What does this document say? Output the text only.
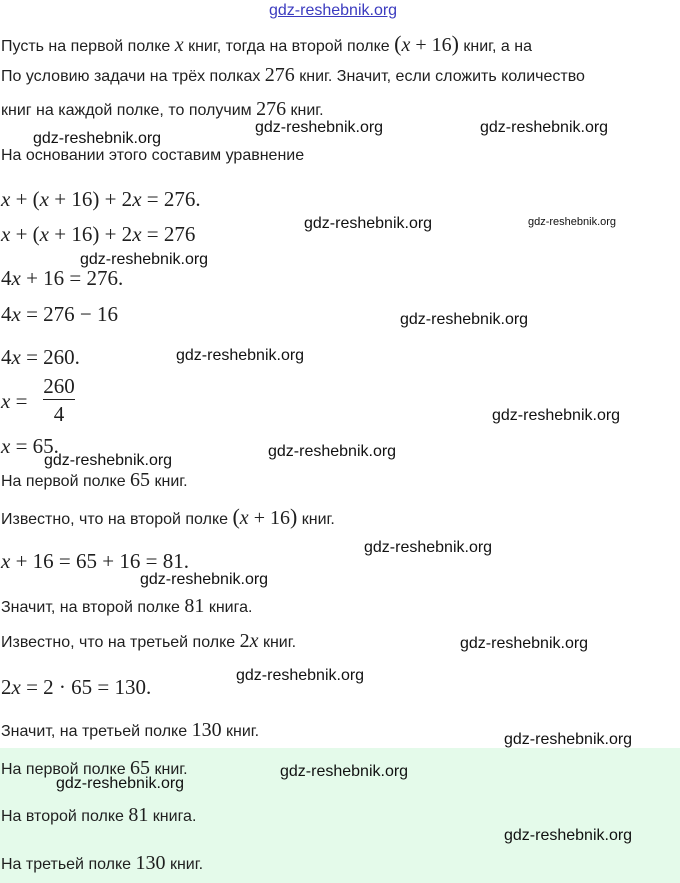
gdz-reshebnik.org
Пусть на первой полке x книг, тогда на второй полке (x + 16) книг, а на
По условию задачи на трёх полках 276 книг. Значит, если сложить количество
книг на каждой полке, то получим 276 книг.
На основании этого составим уравнение
x + (x + 16) + 2x = 276.
x + (x + 16) + 2x = 276
4x + 16 = 276.
4x = 276 − 16
4x = 260.
x =
260
4
x = 65.
На первой полке 65 книг.
Известно, что на второй полке (x + 16) книг.
x + 16 = 65 + 16 = 81.
Значит, на второй полке 81 книга.
Известно, что на третьей полке 2x книг.
2x = 2 · 65 = 130.
Значит, на третьей полке 130 книг.
На первой полке 65 книг.
На второй полке 81 книга.
На третьей полке 130 книг.
gdz-reshebnik.org
gdz-reshebnik.org	gdz-reshebnik.org
gdz-reshebnik.org	gdz-reshebnik.org
gdz-reshebnik.org
gdz-reshebnik.org
gdz-reshebnik.org
gdz-reshebnik.org
gdz-reshebnik.org
gdz-reshebnik.org
gdz-reshebnik.org
gdz-reshebnik.org
gdz-reshebnik.org
gdz-reshebnik.org
gdz-reshebnik.org
gdz-reshebnik.org
gdz-reshebnik.org
gdz-reshebnik.org
